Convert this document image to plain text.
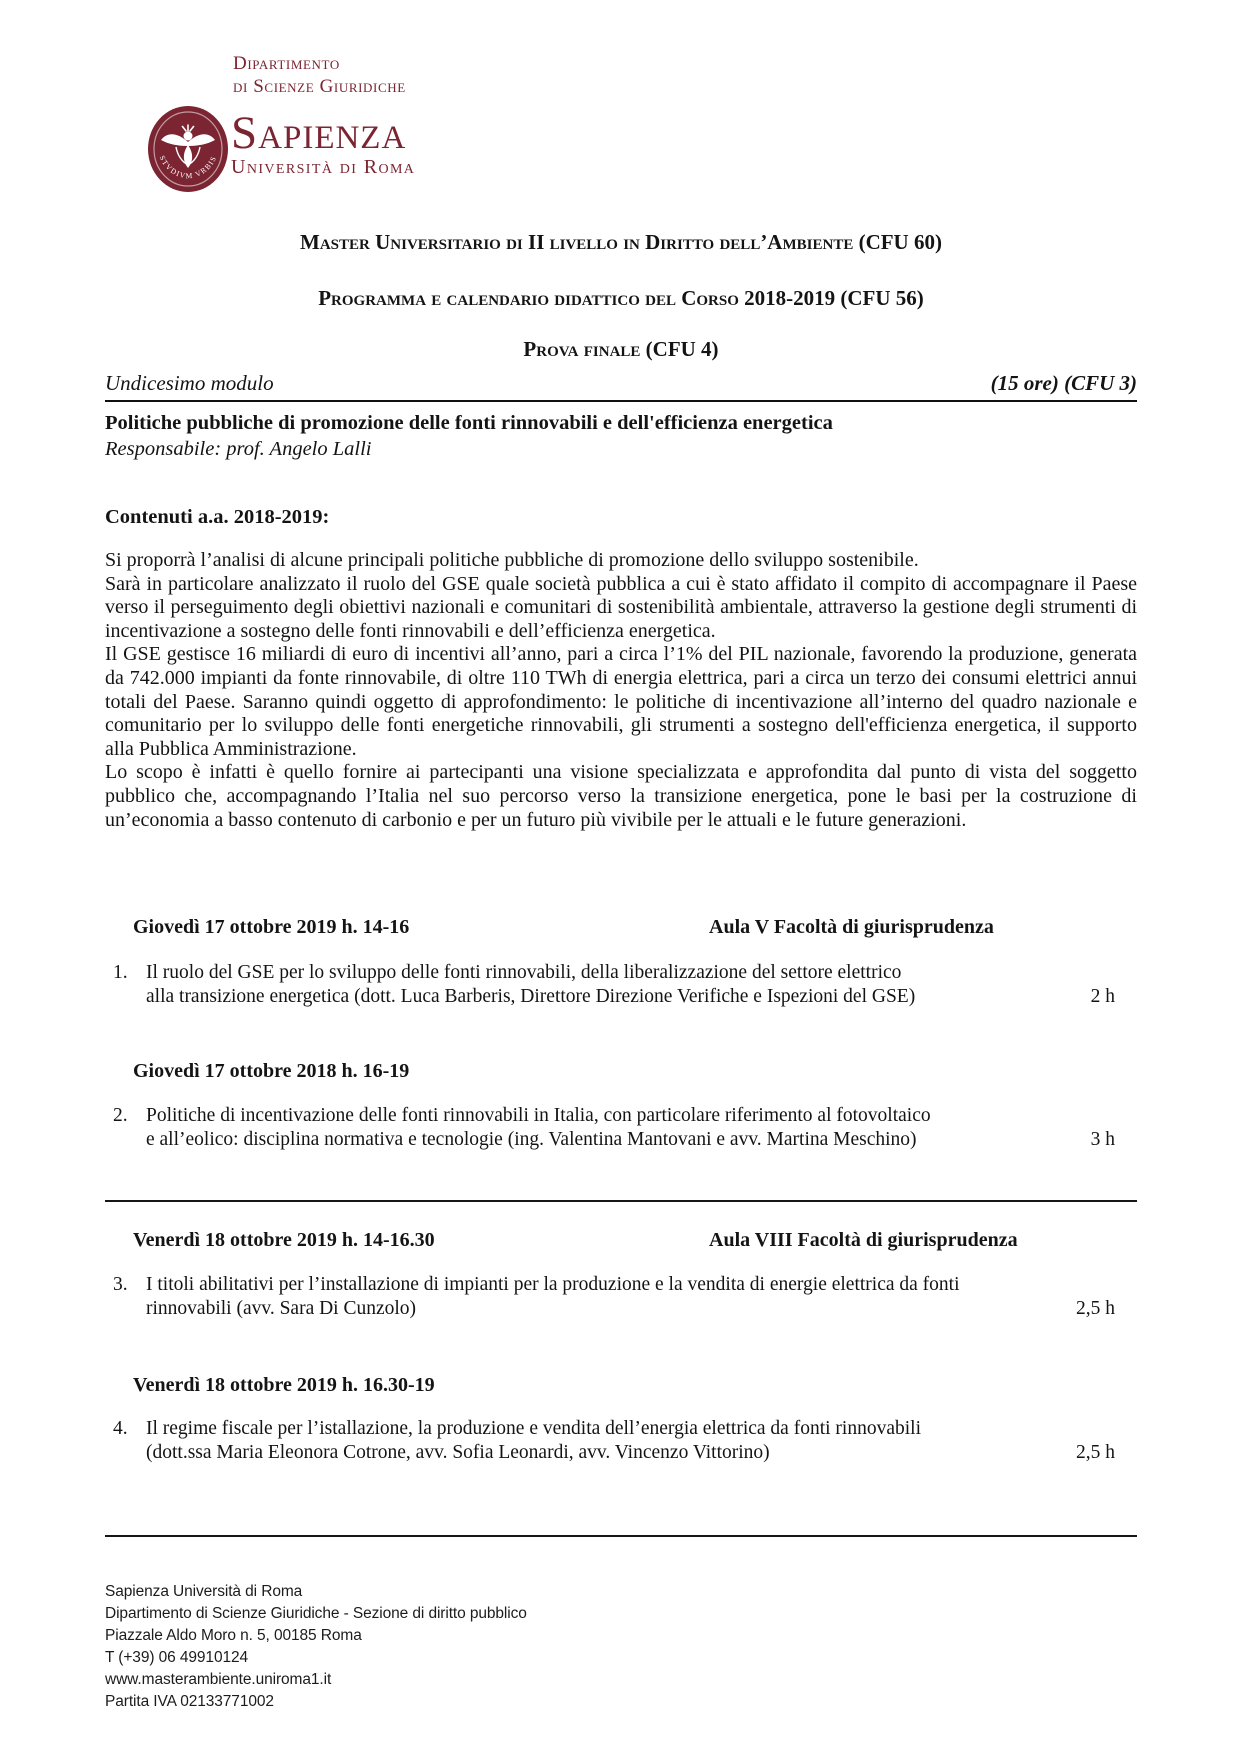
Dipartimento
di Scienze Giuridiche
STVDIVM VRBIS Sapienza
Università di Roma
Master Universitario di II livello in Diritto dell’Ambiente (CFU 60)
Programma e calendario didattico del Corso 2018-2019 (CFU 56)
Prova finale (CFU 4)
Undicesimo modulo	(15 ore) (CFU 3)
Politiche pubbliche di promozione delle fonti rinnovabili e dell'efficienza energetica
Responsabile: prof. Angelo Lalli
Contenuti a.a. 2018-2019:

Si proporrà l’analisi di alcune principali politiche pubbliche di promozione dello sviluppo sostenibile.

Sarà in particolare analizzato il ruolo del GSE quale società pubblica a cui è stato affidato il compito di accompagnare il Paese verso il perseguimento degli obiettivi nazionali e comunitari di sostenibilità ambientale, attraverso la gestione degli strumenti di incentivazione a sostegno delle fonti rinnovabili e dell’efficienza energetica.

Il GSE gestisce 16 miliardi di euro di incentivi all’anno, pari a circa l’1% del PIL nazionale, favorendo la produzione, generata da 742.000 impianti da fonte rinnovabile, di oltre 110 TWh di energia elettrica, pari a circa un terzo dei consumi elettrici annui totali del Paese. Saranno quindi oggetto di approfondimento: le politiche di incentivazione all’interno del quadro nazionale e comunitario per lo sviluppo delle fonti energetiche rinnovabili, gli strumenti a sostegno dell'efficienza energetica, il supporto alla Pubblica Amministrazione.

Lo scopo è infatti è quello fornire ai partecipanti una visione specializzata e approfondita dal punto di vista del soggetto pubblico che, accompagnando l’Italia nel suo percorso verso la transizione energetica, pone le basi per la costruzione di un’economia a basso contenuto di carbonio e per un futuro più vivibile per le attuali e le future generazioni.

Giovedì 17 ottobre 2019 h. 14-16	Aula V Facoltà di giurisprudenza
1. Il ruolo del GSE per lo sviluppo delle fonti rinnovabili, della liberalizzazione del settore elettrico
alla transizione energetica (dott. Luca Barberis, Direttore Direzione Verifiche e Ispezioni del GSE)	2 h
Giovedì 17 ottobre 2018 h. 16-19
2. Politiche di incentivazione delle fonti rinnovabili in Italia, con particolare riferimento al fotovoltaico
e all’eolico: disciplina normativa e tecnologie (ing. Valentina Mantovani e avv. Martina Meschino)	3 h
Venerdì 18 ottobre 2019 h. 14-16.30	Aula VIII Facoltà di giurisprudenza
3. I titoli abilitativi per l’installazione di impianti per la produzione e la vendita di energie elettrica da fonti
rinnovabili (avv. Sara Di Cunzolo)	2,5 h
Venerdì 18 ottobre 2019 h. 16.30-19
4. Il regime fiscale per l’istallazione, la produzione e vendita dell’energia elettrica da fonti rinnovabili
(dott.ssa Maria Eleonora Cotrone, avv. Sofia Leonardi, avv. Vincenzo Vittorino)	2,5 h
Sapienza Università di Roma
Dipartimento di Scienze Giuridiche - Sezione di diritto pubblico
Piazzale Aldo Moro n. 5, 00185 Roma
T (+39) 06 49910124
www.masterambiente.uniroma1.it
Partita IVA 02133771002
